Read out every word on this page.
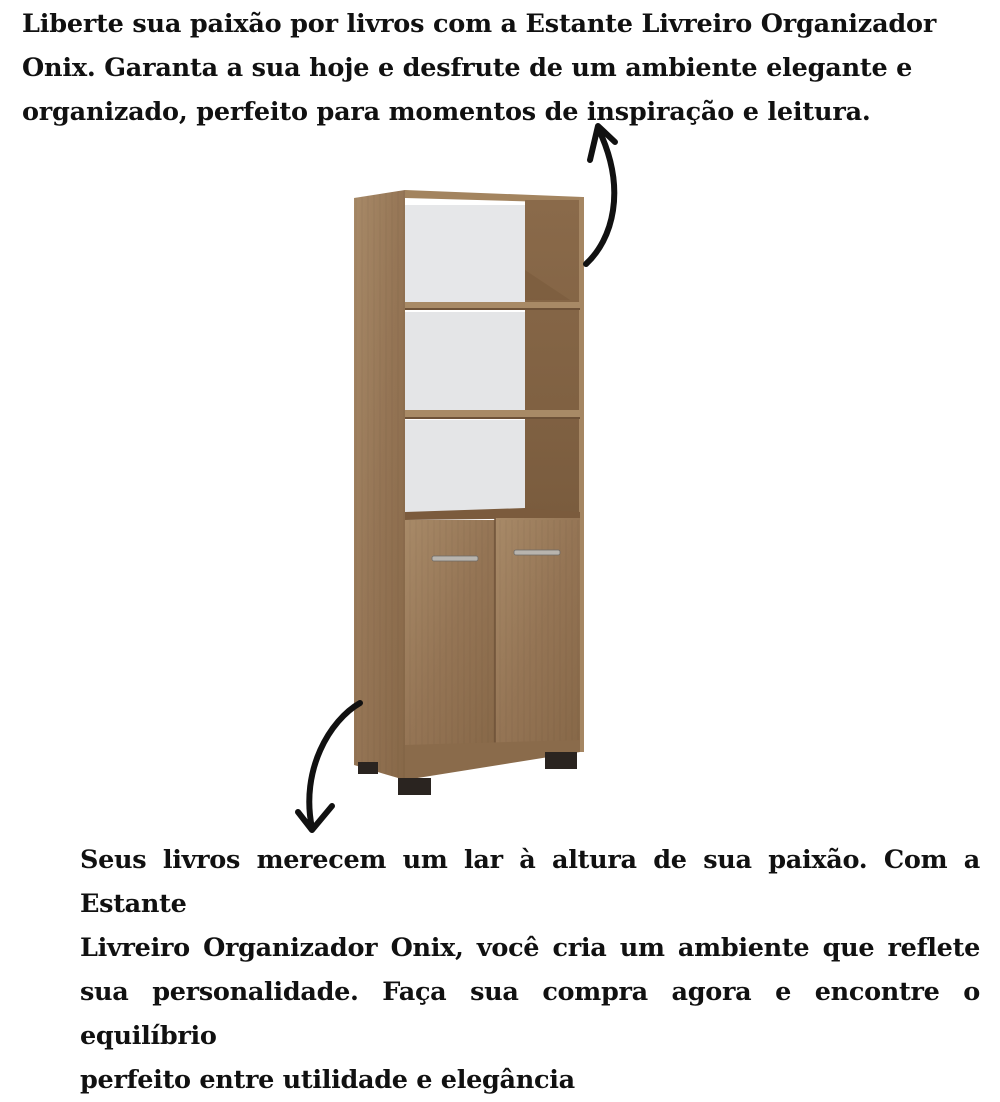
Liberte sua paixão por livros com a Estante Livreiro Organizador
Onix. Garanta a sua hoje e desfrute de um ambiente elegante e
organizado, perfeito para momentos de inspiração e leitura.
Seus livros merecem um lar à altura de sua paixão. Com a Estante
Livreiro Organizador Onix, você cria um ambiente que reflete
sua personalidade. Faça sua compra agora e encontre o equilíbrio
perfeito entre utilidade e elegância
